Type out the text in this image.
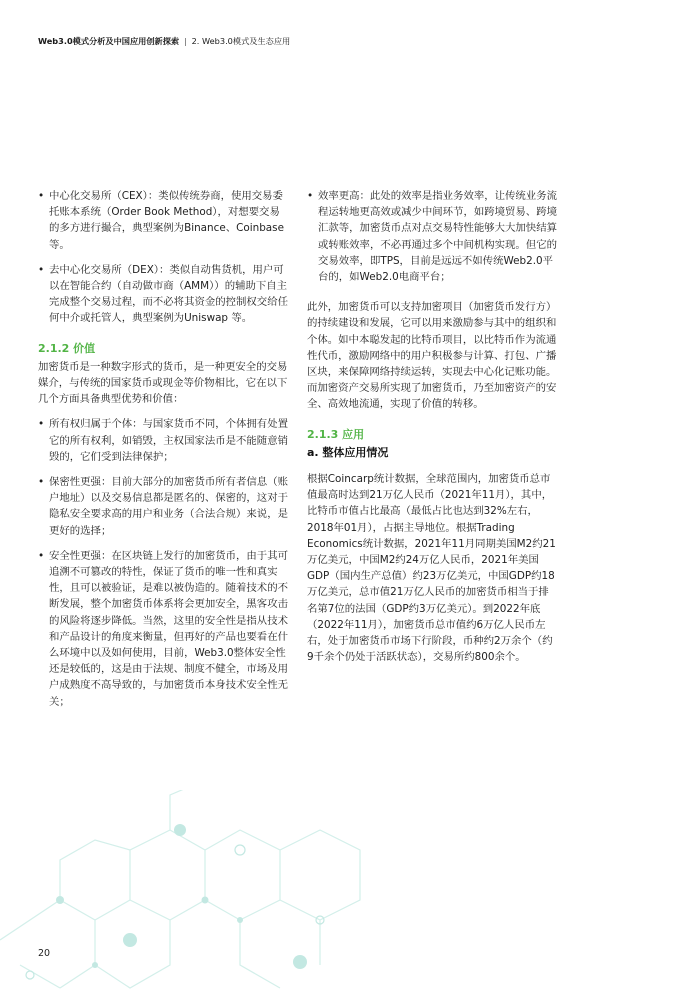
Web3.0模式分析及中国应用创新探索 | 2. Web3.0模式及生态应用
• 中心化交易所（CEX）：类似传统券商，使用交易委托账本系统（Order Book Method），对想要交易的多方进行撮合，典型案例为Binance、Coinbase 等。
• 去中心化交易所（DEX）：类似自动售货机，用户可以在智能合约（自动做市商（AMM））的辅助下自主完成整个交易过程，而不必将其资金的控制权交给任何中介或托管人，典型案例为Uniswap 等。
2.1.2 价值
加密货币是一种数字形式的货币，是一种更安全的交易媒介，与传统的国家货币或现金等价物相比，它在以下几个方面具备典型优势和价值：
• 所有权归属于个体：与国家货币不同，个体拥有处置它的所有权利，如销毁，主权国家法币是不能随意销毁的，它们受到法律保护；
• 保密性更强：目前大部分的加密货币所有者信息（账户地址）以及交易信息都是匿名的、保密的，这对于隐私安全要求高的用户和业务（合法合规）来说，是更好的选择；
• 安全性更强：在区块链上发行的加密货币，由于其可追溯不可篡改的特性，保证了货币的唯一性和真实性，且可以被验证，是难以被伪造的。随着技术的不断发展，整个加密货币体系将会更加安全，黑客攻击的风险将逐步降低。当然，这里的安全性是指从技术和产品设计的角度来衡量，但再好的产品也要看在什么环境中以及如何使用，目前，Web3.0整体安全性还是较低的，这是由于法规、制度不健全，市场及用户成熟度不高导致的，与加密货币本身技术安全性无关；
• 效率更高：此处的效率是指业务效率，让传统业务流程运转地更高效或减少中间环节，如跨境贸易、跨境汇款等，加密货币点对点交易特性能够大大加快结算或转账效率，不必再通过多个中间机构实现。但它的交易效率，即TPS，目前是远远不如传统Web2.0平台的，如Web2.0电商平台；
此外，加密货币可以支持加密项目（加密货币发行方）的持续建设和发展，它可以用来激励参与其中的组织和个体。如中本聪发起的比特币项目，以比特币作为流通性代币，激励网络中的用户积极参与计算、打包、广播区块，来保障网络持续运转，实现去中心化记账功能。而加密资产交易所实现了加密货币，乃至加密资产的安全、高效地流通，实现了价值的转移。
2.1.3 应用
a. 整体应用情况
根据Coincarp统计数据，全球范围内，加密货币总市值最高时达到21万亿人民币（2021年11月），其中，比特币市值占比最高（最低占比也达到32%左右，2018年01月），占据主导地位。根据Trading Economics统计数据，2021年11月同期美国M2约21万亿美元，中国M2约24万亿人民币，2021年美国GDP（国内生产总值）约23万亿美元，中国GDP约18万亿美元，总市值21万亿人民币的加密货币相当于排名第7位的法国（GDP约3万亿美元）。到2022年底（2022年11月），加密货币总市值约6万亿人民币左右，处于加密货币市场下行阶段，币种约2万余个（约9千余个仍处于活跃状态），交易所约800余个。
20
